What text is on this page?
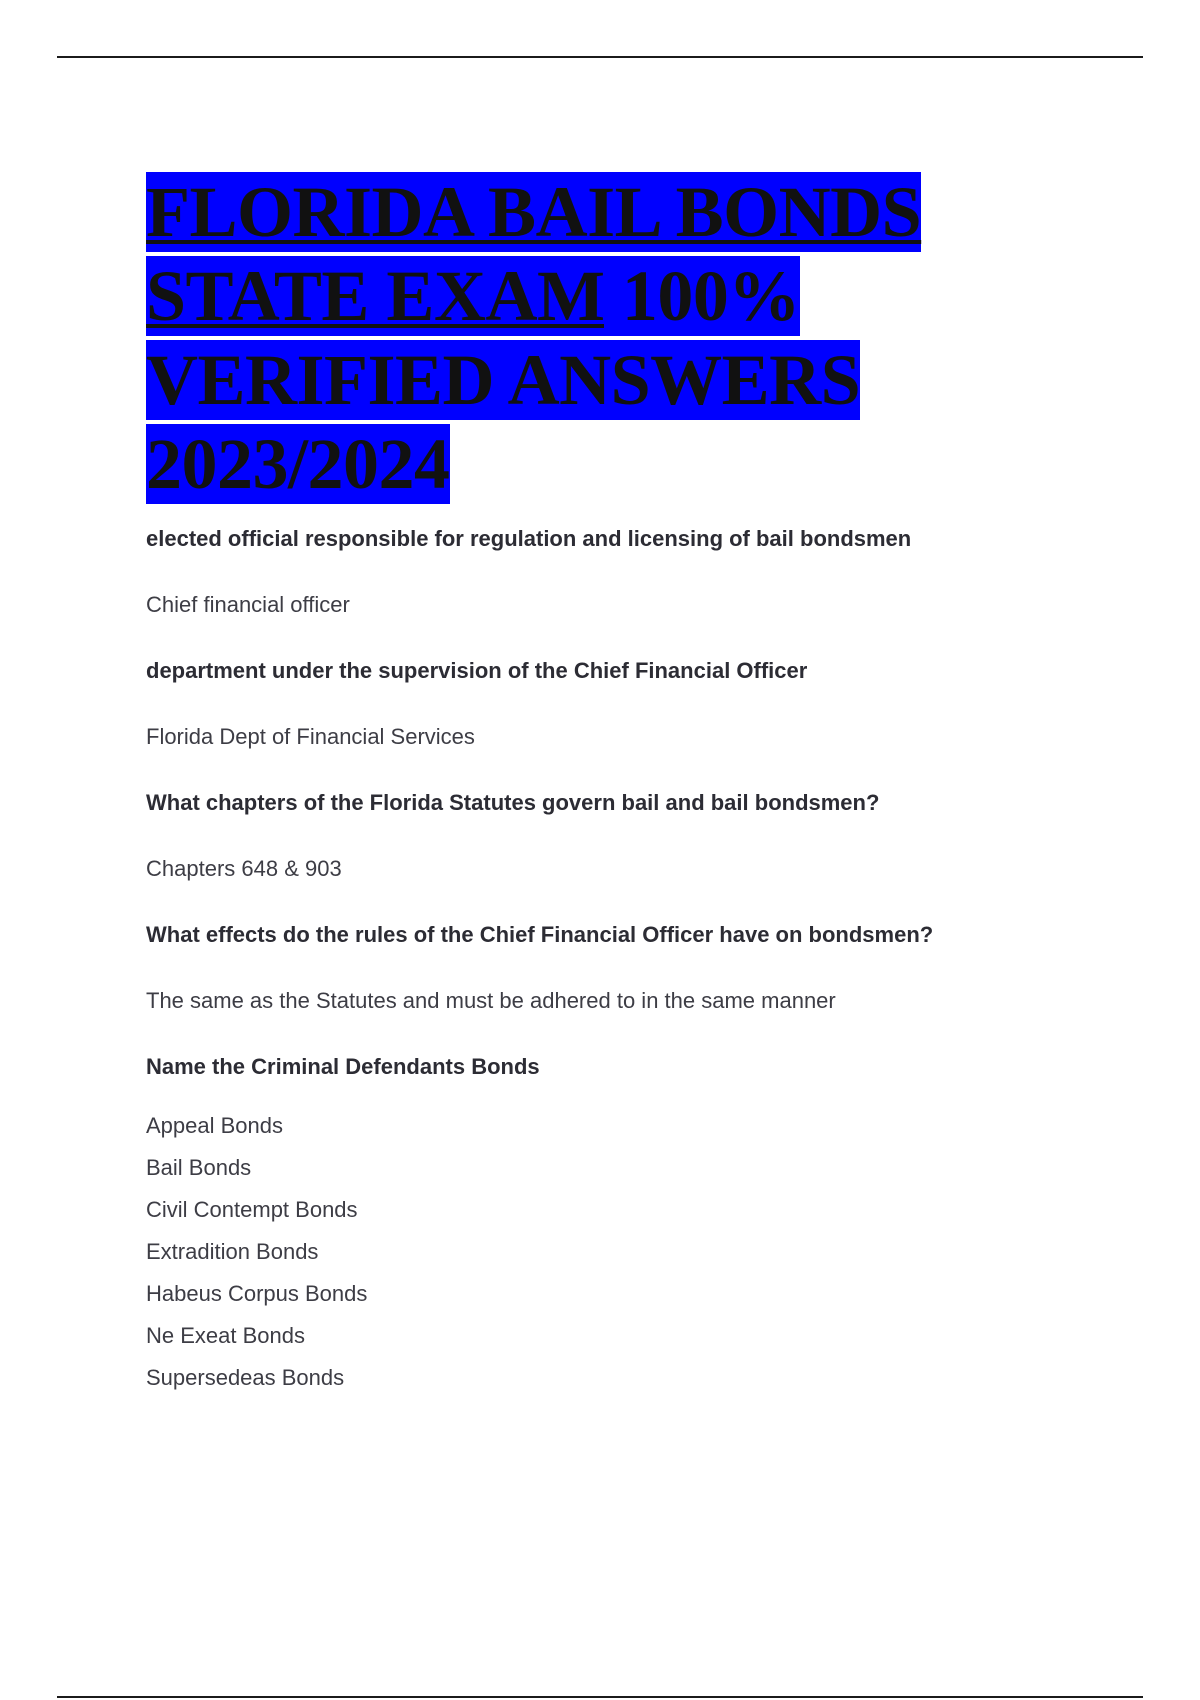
FLORIDA BAIL BONDS
STATE EXAM 100%
VERIFIED ANSWERS
2023/2024

elected official responsible for regulation and licensing of bail bondsmen

Chief financial officer

department under the supervision of the Chief Financial Officer

Florida Dept of Financial Services

What chapters of the Florida Statutes govern bail and bail bondsmen?

Chapters 648 & 903

What effects do the rules of the Chief Financial Officer have on bondsmen?

The same as the Statutes and must be adhered to in the same manner

Name the Criminal Defendants Bonds

Appeal Bonds
Bail Bonds
Civil Contempt Bonds
Extradition Bonds
Habeus Corpus Bonds
Ne Exeat Bonds
Supersedeas Bonds
